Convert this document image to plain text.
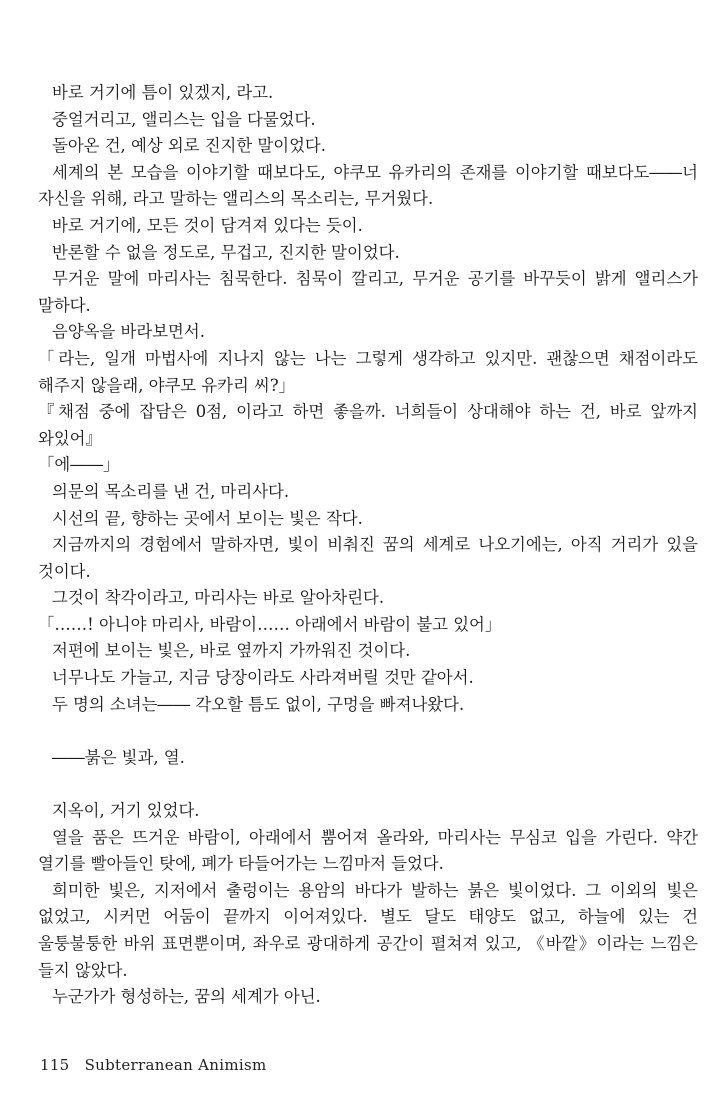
바로 거기에 틈이 있겠지, 라고.

중얼거리고, 앨리스는 입을 다물었다.

돌아온 건, 예상 외로 진지한 말이었다.

세계의 본 모습을 이야기할 때보다도, 야쿠모 유카리의 존재를 이야기할 때보다도――너 자신을 위해, 라고 말하는 앨리스의 목소리는, 무거웠다.

바로 거기에, 모든 것이 담겨져 있다는 듯이.

반론할 수 없을 정도로, 무겁고, 진지한 말이었다.

무거운 말에 마리사는 침묵한다. 침묵이 깔리고, 무거운 공기를 바꾸듯이 밝게 앨리스가 말하다.

음양옥을 바라보면서.

「라는, 일개 마법사에 지나지 않는 나는 그렇게 생각하고 있지만. 괜찮으면 채점이라도 해주지 않을래, 야쿠모 유카리 씨?」

『채점 중에 잡담은 0점, 이라고 하면 좋을까. 너희들이 상대해야 하는 건, 바로 앞까지 와있어』

「에――」

의문의 목소리를 낸 건, 마리사다.

시선의 끝, 향하는 곳에서 보이는 빛은 작다.

지금까지의 경험에서 말하자면, 빛이 비춰진 꿈의 세계로 나오기에는, 아직 거리가 있을 것이다.

그것이 착각이라고, 마리사는 바로 알아차린다.

「……! 아니야 마리사, 바람이…… 아래에서 바람이 불고 있어」

저편에 보이는 빛은, 바로 옆까지 가까워진 것이다.

너무나도 가늘고, 지금 당장이라도 사라져버릴 것만 같아서.

두 명의 소녀는―― 각오할 틈도 없이, 구멍을 빠져나왔다.

――붉은 빛과, 열.

지옥이, 거기 있었다.

열을 품은 뜨거운 바람이, 아래에서 뿜어져 올라와, 마리사는 무심코 입을 가린다. 약간 열기를 빨아들인 탓에, 폐가 타들어가는 느낌마저 들었다.

희미한 빛은, 지저에서 출렁이는 용암의 바다가 발하는 붉은 빛이었다. 그 이외의 빛은 없었고, 시커먼 어둠이 끝까지 이어져있다. 별도 달도 태양도 없고, 하늘에 있는 건 울퉁불퉁한 바위 표면뿐이며, 좌우로 광대하게 공간이 펼쳐져 있고, 《바깥》이라는 느낌은 들지 않았다.

누군가가 형성하는, 꿈의 세계가 아닌.

115 Subterranean Animism
